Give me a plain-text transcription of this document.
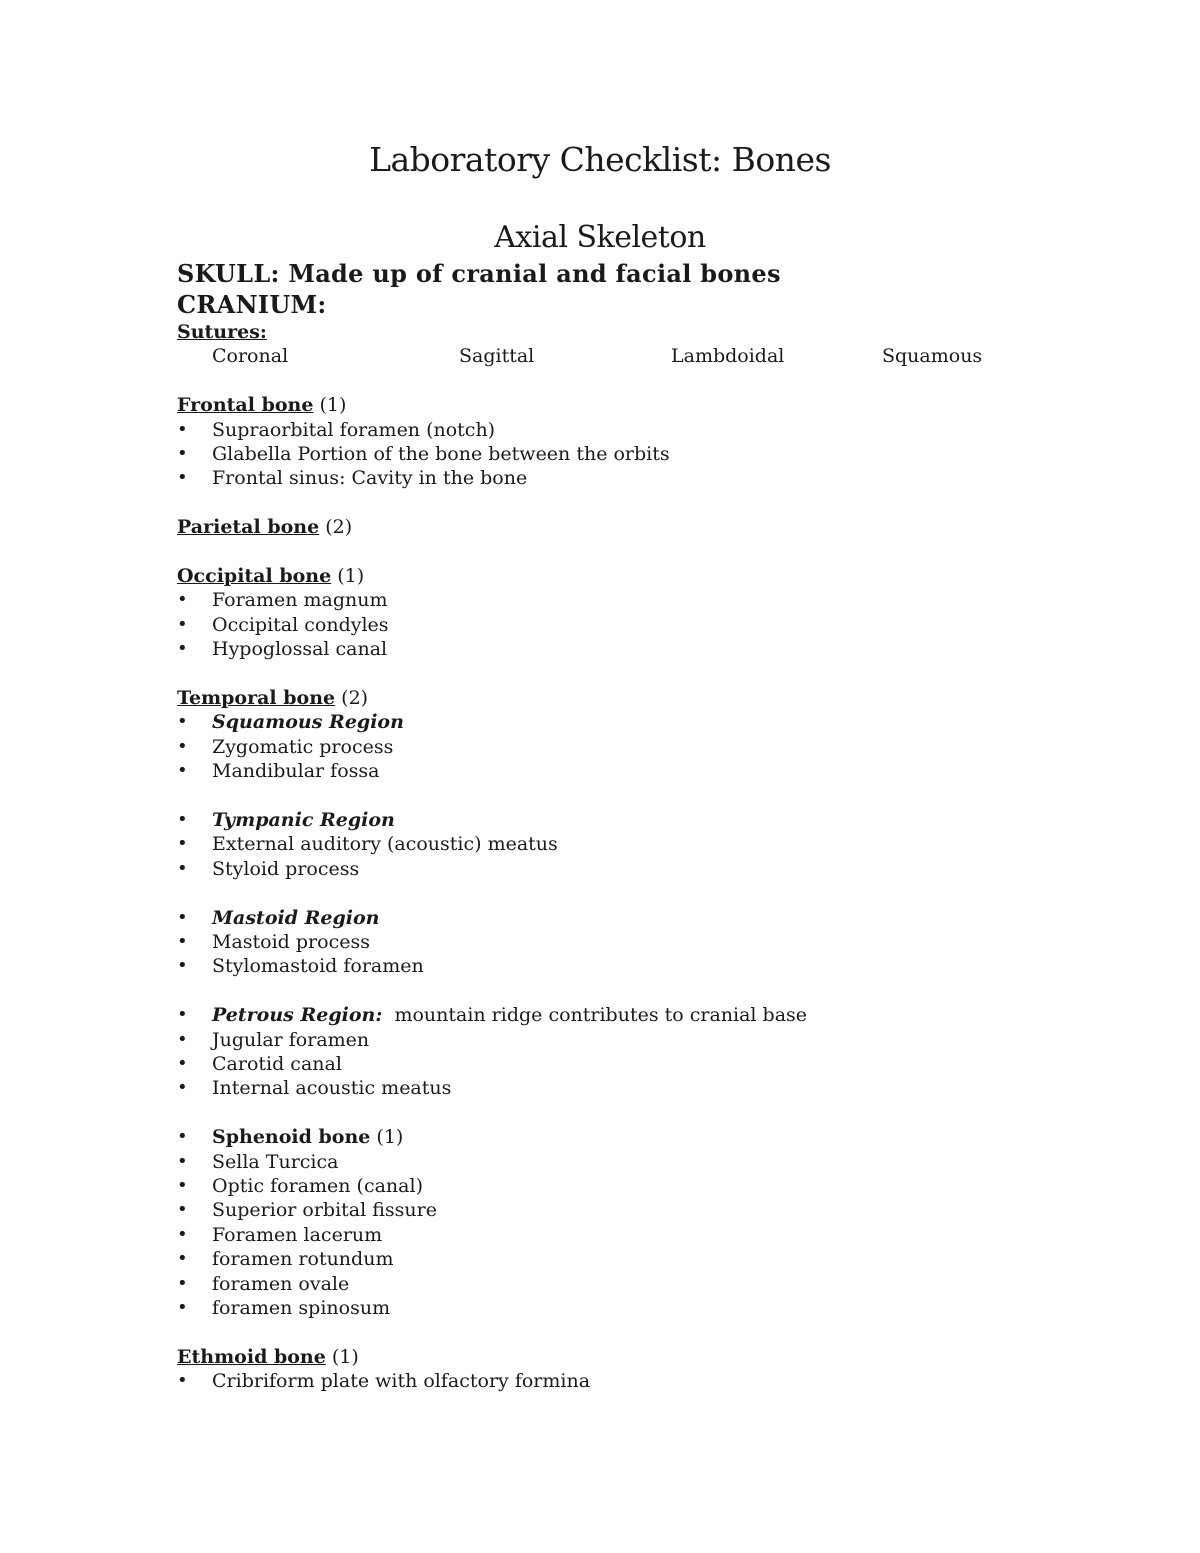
Laboratory Checklist: Bones
Axial Skeleton
SKULL: Made up of cranial and facial bones
CRANIUM:
Sutures:
Coronal	Sagittal	Lambdoidal	Squamous
Frontal bone (1)
• Supraorbital foramen (notch)
• Glabella Portion of the bone between the orbits
• Frontal sinus: Cavity in the bone
Parietal bone (2)
Occipital bone (1)
• Foramen magnum
• Occipital condyles
• Hypoglossal canal
Temporal bone (2)
• Squamous Region
• Zygomatic process
• Mandibular fossa
• Tympanic Region
• External auditory (acoustic) meatus
• Styloid process
• Mastoid Region
• Mastoid process
• Stylomastoid foramen
• Petrous Region: mountain ridge contributes to cranial base
• Jugular foramen
• Carotid canal
• Internal acoustic meatus
• Sphenoid bone (1)
• Sella Turcica
• Optic foramen (canal)
• Superior orbital fissure
• Foramen lacerum
• foramen rotundum
• foramen ovale
• foramen spinosum
Ethmoid bone (1)
• Cribriform plate with olfactory formina
